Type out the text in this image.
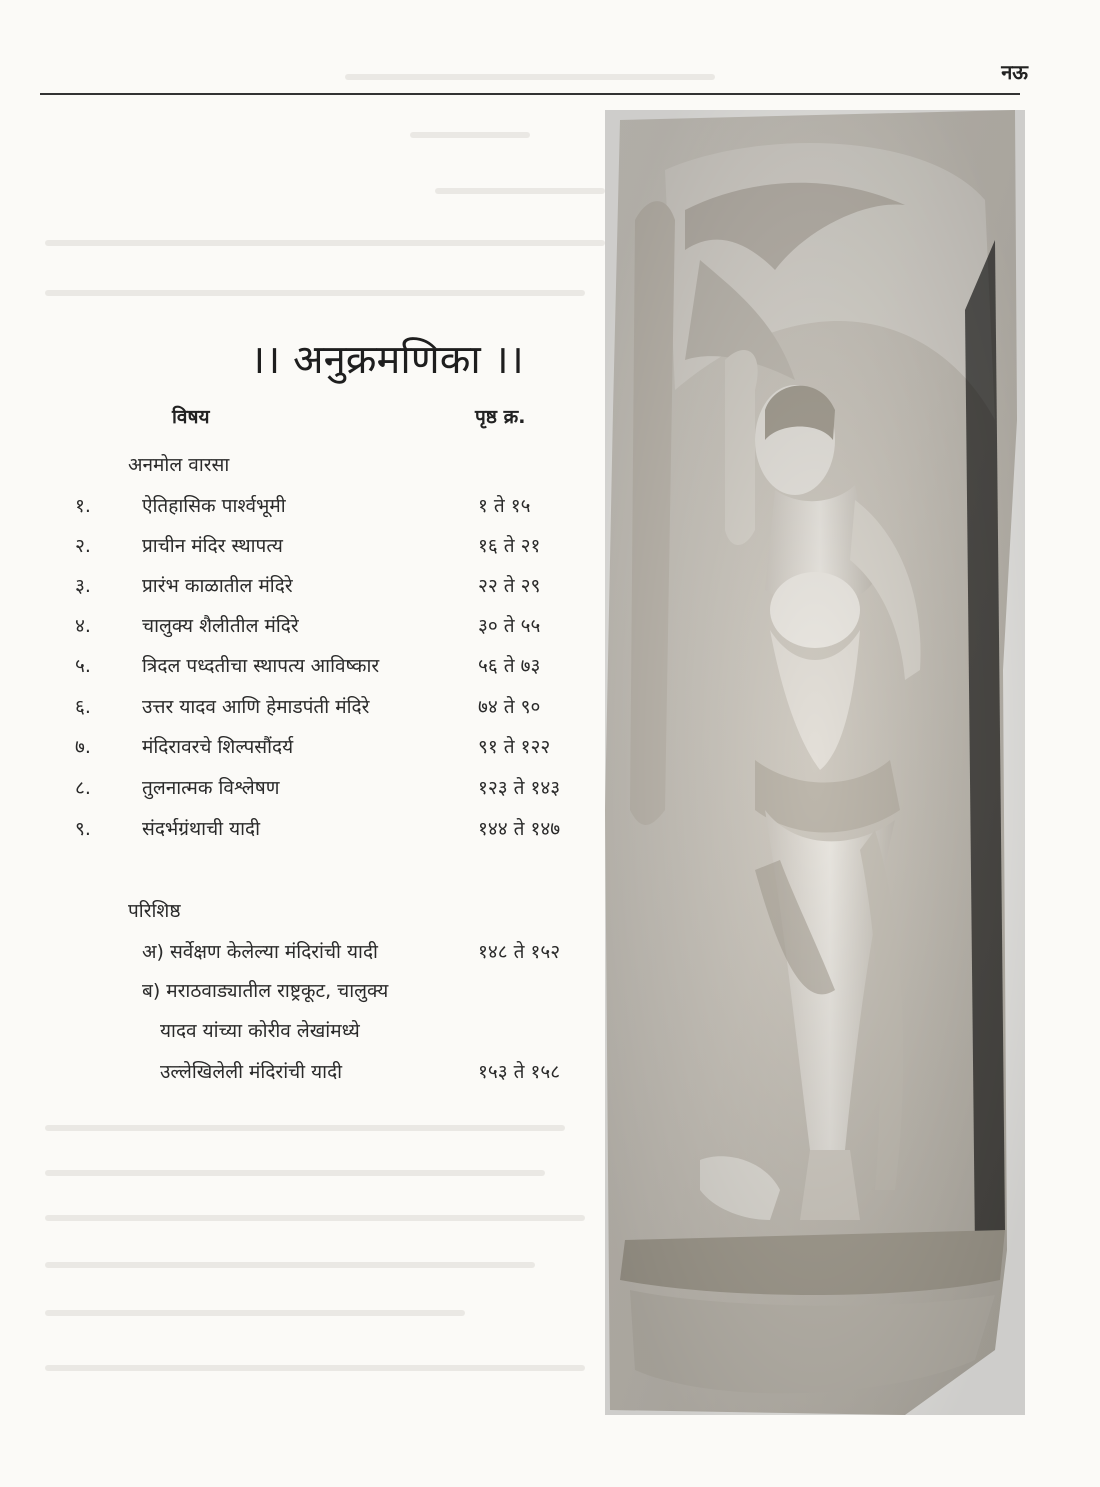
नऊ
।। अनुक्रमणिका ।।
विषय	पृष्ठ क्र.
अनमोल वारसा
१.	ऐतिहासिक पार्श्वभूमी	१ ते १५
२.	प्राचीन मंदिर स्थापत्य	१६ ते २१
३.	प्रारंभ काळातील मंदिरे	२२ ते २९
४.	चालुक्य शैलीतील मंदिरे	३० ते ५५
५.	त्रिदल पध्दतीचा स्थापत्य आविष्कार	५६ ते ७३
६.	उत्तर यादव आणि हेमाडपंती मंदिरे	७४ ते ९०
७.	मंदिरावरचे शिल्पसौंदर्य	९१ ते १२२
८.	तुलनात्मक विश्लेषण	१२३ ते १४३
९.	संदर्भग्रंथाची यादी	१४४ ते १४७
परिशिष्ठ
अ) सर्वेक्षण केलेल्या मंदिरांची यादी	१४८ ते १५२
ब) मराठवाड्यातील राष्ट्रकूट, चालुक्य
यादव यांच्या कोरीव लेखांमध्ये
उल्लेखिलेली मंदिरांची यादी	१५३ ते १५८
